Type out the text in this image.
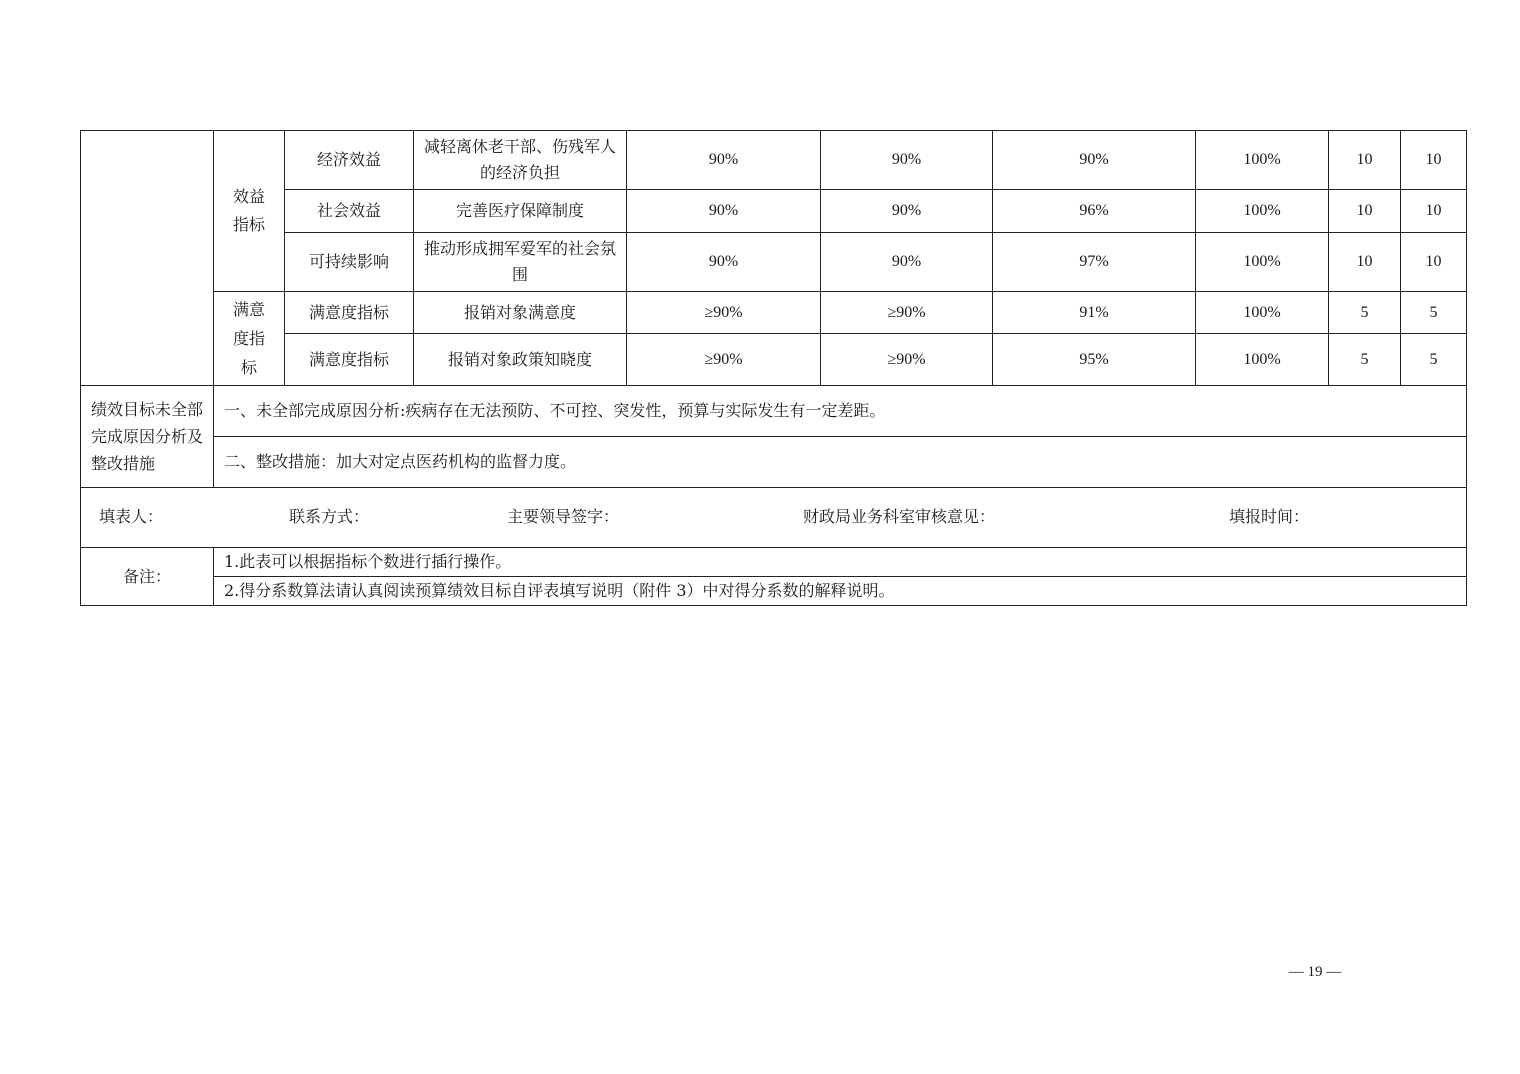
	效益指标	经济效益	减轻离休老干部、伤残军人的经济负担	90%	90%	90%	100%	10	10
		社会效益	完善医疗保障制度	90%	90%	96%	100%	10	10
		可持续影响	推动形成拥军爱军的社会氛围	90%	90%	97%	100%	10	10
	满意度指标	满意度指标	报销对象满意度	≥90%	≥90%	91%	100%	5	5
		满意度指标	报销对象政策知晓度	≥90%	≥90%	95%	100%	5	5
绩效目标未全部完成原因分析及整改措施	一、未全部完成原因分析:疾病存在无法预防、不可控、突发性，预算与实际发生有一定差距。								
	二、整改措施：加大对定点医药机构的监督力度。								

填表人： 联系方式： 主要领导签字： 财政局业务科室审核意见： 填报时间：									

备注：	1.此表可以根据指标个数进行插行操作。								
	2.得分系数算法请认真阅读预算绩效目标自评表填写说明（附件 3）中对得分系数的解释说明。								
— 19 —
